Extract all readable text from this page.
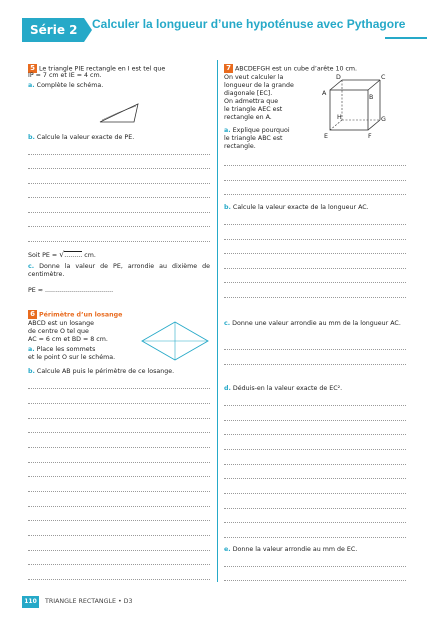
Série 2	Calculer la longueur d’une hypoténuse avec Pythagore
5 Le triangle PIE rectangle en I est tel que
IP = 7 cm et IE = 4 cm.
a. Complète le schéma.
b. Calcule la valeur exacte de PE.
Soit PE = √......... cm.
c. Donne la valeur de PE, arrondie au dixième de centimètre.
PE ≈ ..................................
6 Périmètre d’un losange
ABCD est un losange
de centre O tel que
AC = 6 cm et BD = 8 cm.
a. Place les sommets
et le point O sur le schéma.
b. Calcule AB puis le périmètre de ce losange.
7 ABCDEFGH est un cube d’arête 10 cm.
On veut calculer la
longueur de la grande
diagonale [EC].
On admettra que
le triangle AEC est
rectangle en A.
a. Explique pourquoi
le triangle ABC est
rectangle.
D	C
A
B
H	G
E	F
b. Calcule la valeur exacte de la longueur AC.
c. Donne une valeur arrondie au mm de la longueur AC.
d. Déduis-en la valeur exacte de EC².
e. Donne la valeur arrondie au mm de EC.
110	TRIANGLE RECTANGLE • D3
